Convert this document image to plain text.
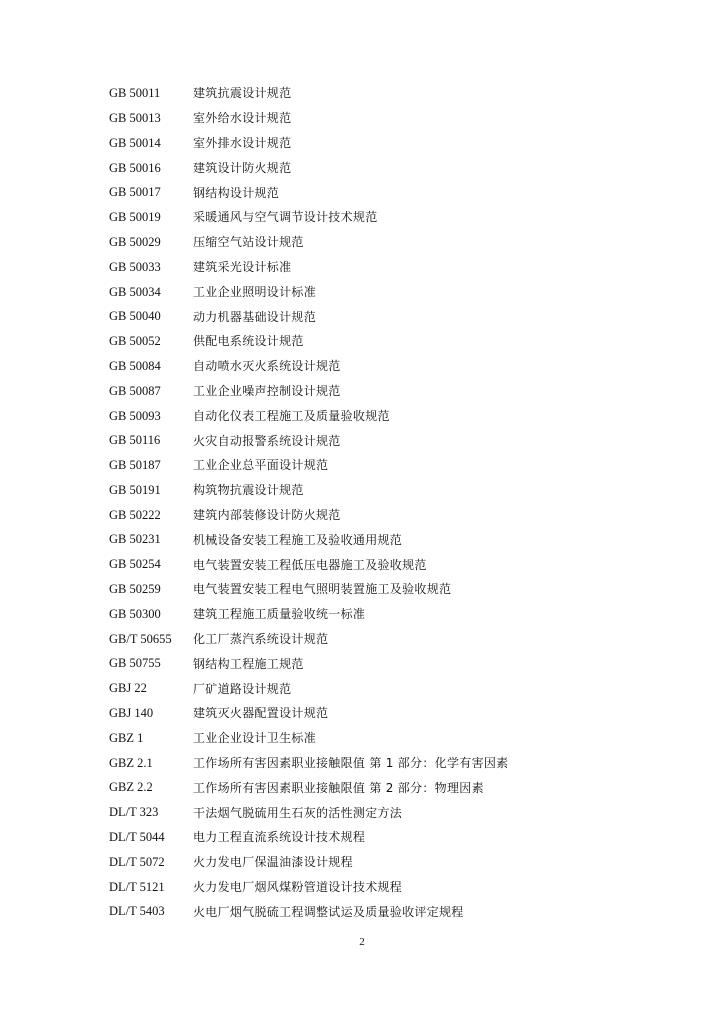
GB 50011	建筑抗震设计规范
GB 50013	室外给水设计规范
GB 50014	室外排水设计规范
GB 50016	建筑设计防火规范
GB 50017	钢结构设计规范
GB 50019	采暖通风与空气调节设计技术规范
GB 50029	压缩空气站设计规范
GB 50033	建筑采光设计标准
GB 50034	工业企业照明设计标准
GB 50040	动力机器基础设计规范
GB 50052	供配电系统设计规范
GB 50084	自动喷水灭火系统设计规范
GB 50087	工业企业噪声控制设计规范
GB 50093	自动化仪表工程施工及质量验收规范
GB 50116	火灾自动报警系统设计规范
GB 50187	工业企业总平面设计规范
GB 50191	构筑物抗震设计规范
GB 50222	建筑内部装修设计防火规范
GB 50231	机械设备安装工程施工及验收通用规范
GB 50254	电气装置安装工程低压电器施工及验收规范
GB 50259	电气装置安装工程电气照明装置施工及验收规范
GB 50300	建筑工程施工质量验收统一标准
GB/T 50655	化工厂蒸汽系统设计规范
GB 50755	钢结构工程施工规范
GBJ 22	厂矿道路设计规范
GBJ 140	建筑灭火器配置设计规范
GBZ 1	工业企业设计卫生标准
GBZ 2.1	工作场所有害因素职业接触限值 第 1 部分：化学有害因素
GBZ 2.2	工作场所有害因素职业接触限值 第 2 部分：物理因素
DL/T 323	干法烟气脱硫用生石灰的活性测定方法
DL/T 5044	电力工程直流系统设计技术规程
DL/T 5072	火力发电厂保温油漆设计规程
DL/T 5121	火力发电厂烟风煤粉管道设计技术规程
DL/T 5403	火电厂烟气脱硫工程调整试运及质量验收评定规程
2
